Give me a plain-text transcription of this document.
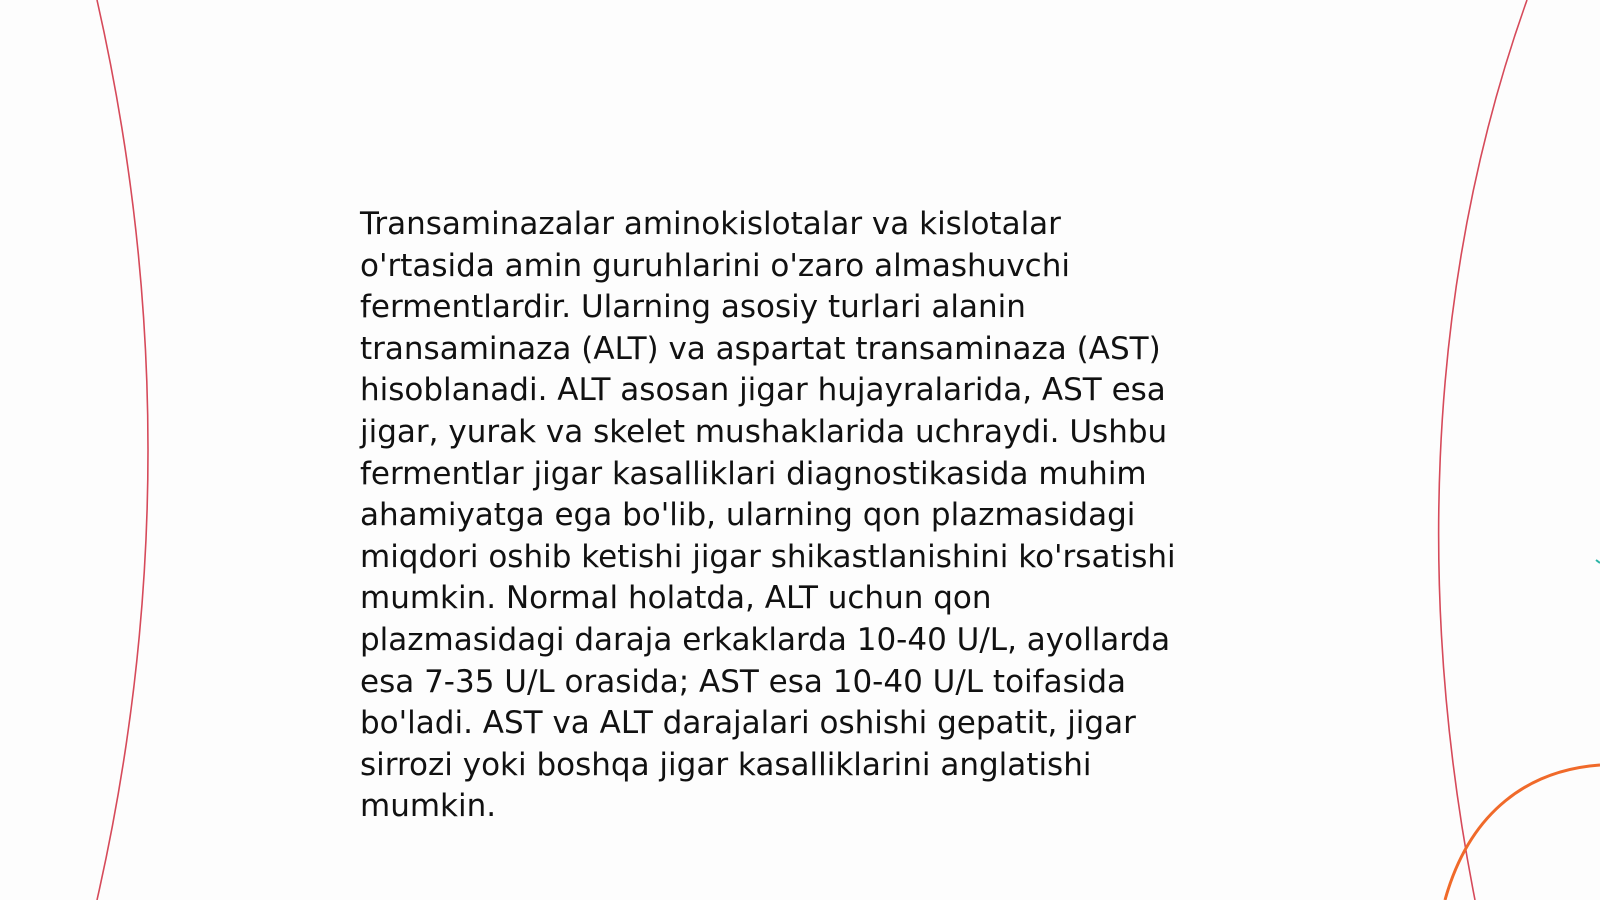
Transaminazalar aminokislotalar va kislotalar
o'rtasida amin guruhlarini o'zaro almashuvchi
fermentlardir. Ularning asosiy turlari alanin
transaminaza (ALT) va aspartat transaminaza (AST)
hisoblanadi. ALT asosan jigar hujayralarida, AST esa
jigar, yurak va skelet mushaklarida uchraydi. Ushbu
fermentlar jigar kasalliklari diagnostikasida muhim
ahamiyatga ega bo'lib, ularning qon plazmasidagi
miqdori oshib ketishi jigar shikastlanishini ko'rsatishi
mumkin. Normal holatda, ALT uchun qon
plazmasidagi daraja erkaklarda 10-40 U/L, ayollarda
esa 7-35 U/L orasida; AST esa 10-40 U/L toifasida
bo'ladi. AST va ALT darajalari oshishi gepatit, jigar
sirrozi yoki boshqa jigar kasalliklarini anglatishi
mumkin.
